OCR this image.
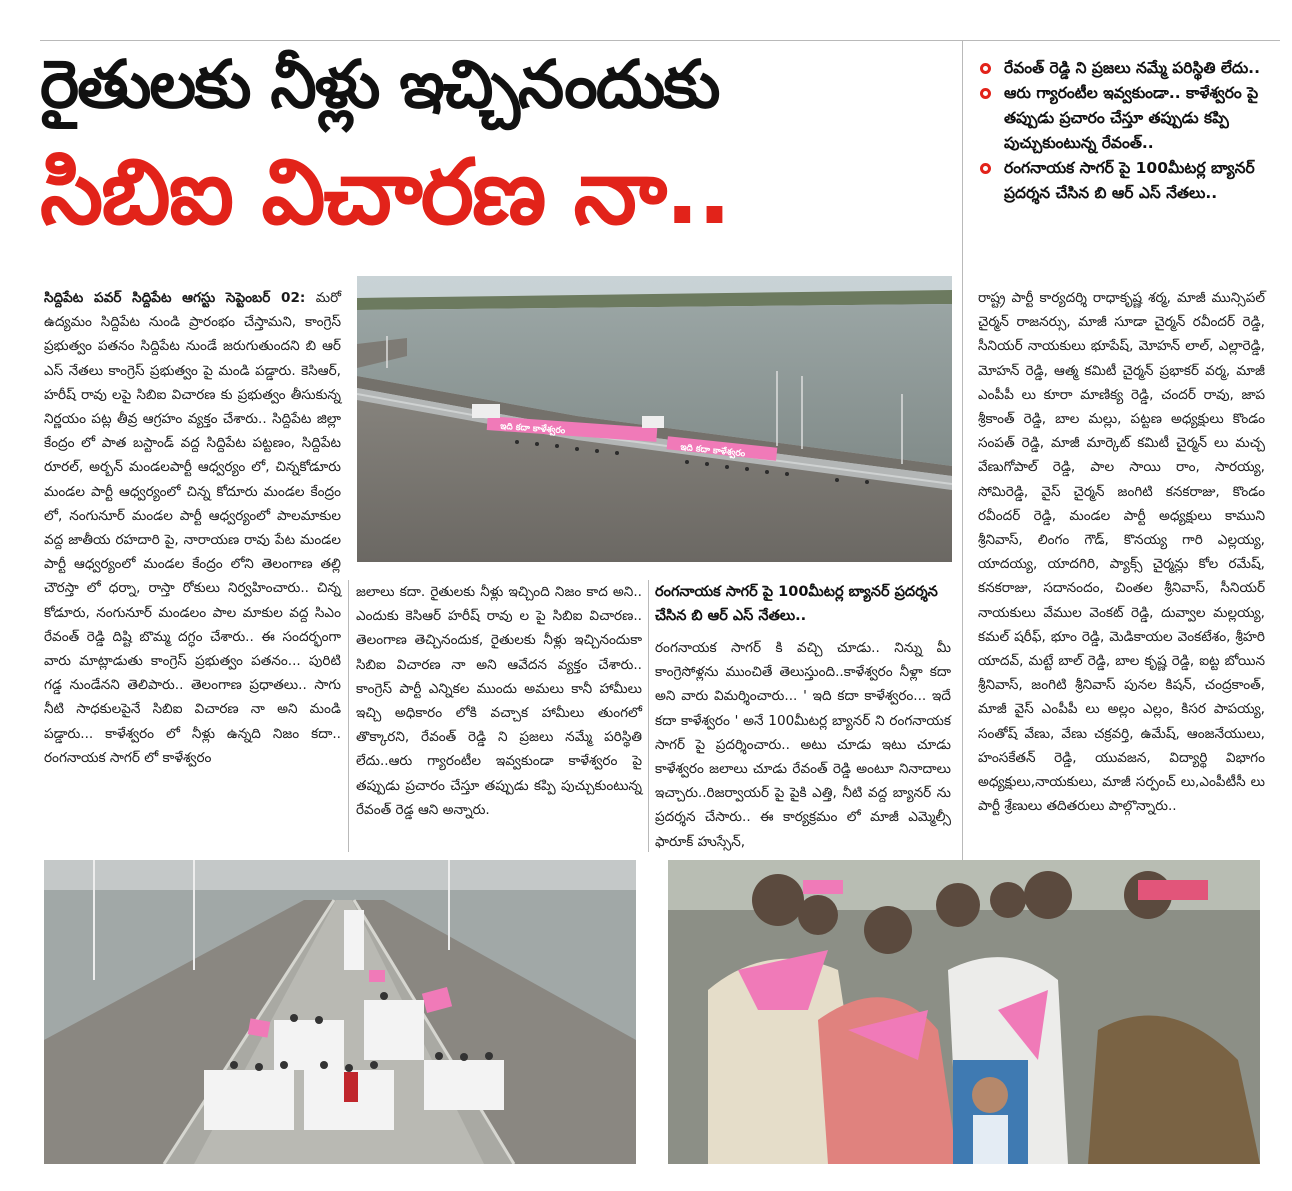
రైతులకు నీళ్లు ఇచ్చినందుకు
సిబిఐ విచారణ నా..
రేవంత్ రెడ్డి ని ప్రజలు నమ్మే పరిస్థితి లేదు..
ఆరు గ్యారంటీల ఇవ్వకుండా.. కాళేశ్వరం పై తప్పుడు ప్రచారం చేస్తూ తప్పుడు కప్పి పుచ్చుకుంటున్న రేవంత్..
రంగనాయక సాగర్ పై 100మీటర్ల బ్యానర్ ప్రదర్శన చేసిన బి ఆర్ ఎస్ నేతలు..
సిద్దిపేట పవర్ సిద్దిపేట ఆగస్టు సెప్టెంబర్ 02: మరో ఉద్యమం సిద్దిపేట నుండి ప్రారంభం చేస్తామని, కాంగ్రెస్ ప్రభుత్వం పతనం సిద్దిపేట నుండే జరుగుతుందని బి ఆర్ ఎస్ నేతలు కాంగ్రెస్ ప్రభుత్వం పై మండి పడ్డారు. కెసిఆర్, హరీష్ రావు లపై సిబిఐ విచారణ కు ప్రభుత్వం తీసుకున్న నిర్ణయం పట్ల తీవ్ర ఆగ్రహం వ్యక్తం చేశారు.. సిద్దిపేట జిల్లా కేంద్రం లో పాత బస్టాండ్ వద్ద సిద్దిపేట పట్టణం, సిద్దిపేట రూరల్, అర్బన్ మండలపార్టీ ఆధ్వర్యం లో, చిన్నకోడూరు మండల పార్టీ ఆధ్వర్యంలో చిన్న కోదూరు మండల కేంద్రం లో, నంగునూర్ మండల పార్టీ ఆధ్వర్యంలో పాలమాకుల వద్ద జాతీయ రహదారి పై, నారాయణ రావు పేట మండల పార్టీ ఆధ్వర్యంలో మండల కేంద్రం లోని తెలంగాణ తల్లి చౌరస్తా లో ధర్నా, రాస్తా రోకులు నిర్వహించారు.. చిన్న కోడూరు, నంగునూర్ మండలం పాల మాకుల వద్ద సిఎం రేవంత్ రెడ్డి దిష్టి బొమ్మ దగ్ధం చేశారు.. ఈ సందర్భంగా వారు మాట్లాడుతు కాంగ్రెస్ ప్రభుత్వం పతనం... పురిటి గడ్డ నుండేనని తెలిపారు.. తెలంగాణ ప్రధాతలు.. సాగు నీటి సాధకులపైనే సిబిఐ విచారణ నా అని మండి పడ్డారు... కాళేశ్వరం లో నీళ్లు ఉన్నది నిజం కదా.. రంగనాయక సాగర్ లో కాళేశ్వరం
జలాలు కదా. రైతులకు నీళ్లు ఇచ్చింది నిజం కాద అని.. ఎందుకు కెసిఆర్ హరీష్ రావు ల పై సిబిఐ విచారణ.. తెలంగాణ తెచ్చినందుక, రైతులకు నీళ్లు ఇచ్చినందుకా సిబిఐ విచారణ నా అని ఆవేదన వ్యక్తం చేశారు.. కాంగ్రెస్ పార్టీ ఎన్నికల ముందు అమలు కానీ హామీలు ఇచ్చి అధికారం లోకి వచ్చాక హామీలు తుంగలో తొక్కారని, రేవంత్ రెడ్డి ని ప్రజలు నమ్మే పరిస్థితి లేదు..ఆరు గ్యారంటీల ఇవ్వకుండా కాళేశ్వరం పై తప్పుడు ప్రచారం చేస్తూ తప్పుడు కప్పి పుచ్చుకుంటున్న రేవంత్ రెడ్డ ఆని అన్నారు.
రంగనాయక సాగర్ పై 100మీటర్ల బ్యానర్ ప్రదర్శన చేసిన బి ఆర్ ఎస్ నేతలు..
రంగనాయక సాగర్ కి వచ్చి చూడు.. నిన్ను మీ కాంగ్రెసోళ్లను ముంచితే తెలుస్తుంది..కాళేశ్వరం నీళ్లా కదా అని వారు విమర్శించారు... ' ఇది కదా కాళేశ్వరం... ఇదే కదా కాళేశ్వరం ' అనే 100మీటర్ల బ్యానర్ ని రంగనాయక సాగర్ పై ప్రదర్శించారు.. అటు చూడు ఇటు చూడు కాళేశ్వరం జలాలు చూడు రేవంత్ రెడ్డి అంటూ నినాదాలు ఇచ్చారు..రిజర్వాయర్ పై పైకి ఎత్తి, నీటి వద్ద బ్యానర్ ను ప్రదర్శన చేసారు.. ఈ కార్యక్రమం లో మాజీ ఎమ్మెల్సీ ఫారూక్ హుస్సేన్,
రాష్ట్ర పార్టీ కార్యదర్శి రాధాకృష్ణ శర్మ, మాజీ మున్సిపల్ చైర్మన్ రాజనర్సు, మాజీ సూడా చైర్మన్ రవీందర్ రెడ్డి, సీనియర్ నాయకులు భూపేష్, మోహన్ లాల్, ఎల్లారెడ్డి, మోహన్ రెడ్డి, ఆత్మ కమిటీ చైర్మన్ ప్రభాకర్ వర్మ, మాజీ ఎంపీపీ లు కూరా మాణిక్య రెడ్డి, చందర్ రావు, జాప శ్రీకాంత్ రెడ్డి, బాల మల్లు, పట్టణ అధ్యక్షులు కొండం సంపత్ రెడ్డి, మాజీ మార్కెట్ కమిటీ చైర్మన్ లు మచ్చ వేణుగోపాల్ రెడ్డి, పాల సాయి రాం, సారయ్య, సోమిరెడ్డి, వైస్ చైర్మన్ జంగిటి కనకరాజు, కొండం రవీందర్ రెడ్డి, మండల పార్టీ అధ్యక్షులు కాముని శ్రీనివాస్, లింగం గౌడ్, కొనయ్య గారి ఎల్లయ్య, యాదయ్య, యాదగిరి, ప్యాక్స్ చైర్మన్లు కోల రమేష్, కనకరాజు, సదానందం, చింతల శ్రీనివాస్, సీనియర్ నాయకులు వేముల వెంకట్ రెడ్డి, దువ్వాల మల్లయ్య, కమల్ షరీఫ్, భూం రెడ్డి, మెడికాయల వెంకటేశం, శ్రీహరి యాదవ్, మట్టే బాల్ రెడ్డి, బాల కృష్ణ రెడ్డి, ఐట్ట బోయిన శ్రీనివాస్, జంగిటి శ్రీనివాస్ పునల కిషన్, చంద్రకాంత్, మాజీ వైస్ ఎంపీపీ లు అల్లం ఎల్లం, కిసర పాపయ్య, సంతోష్ వేణు, వేణు చక్రవర్తి, ఉమేష్, ఆంజనేయులు, హంసకేతన్ రెడ్డి, యువజన, విద్యార్థి విభాగం అధ్యక్షులు,నాయకులు, మాజీ సర్పంచ్ లు,ఎంపీటీసీ లు పార్టీ శ్రేణులు తదితరులు పాల్గొన్నారు..
ఇది కదా కాళేశ్వరం
ఇది కదా కాళేశ్వరం
